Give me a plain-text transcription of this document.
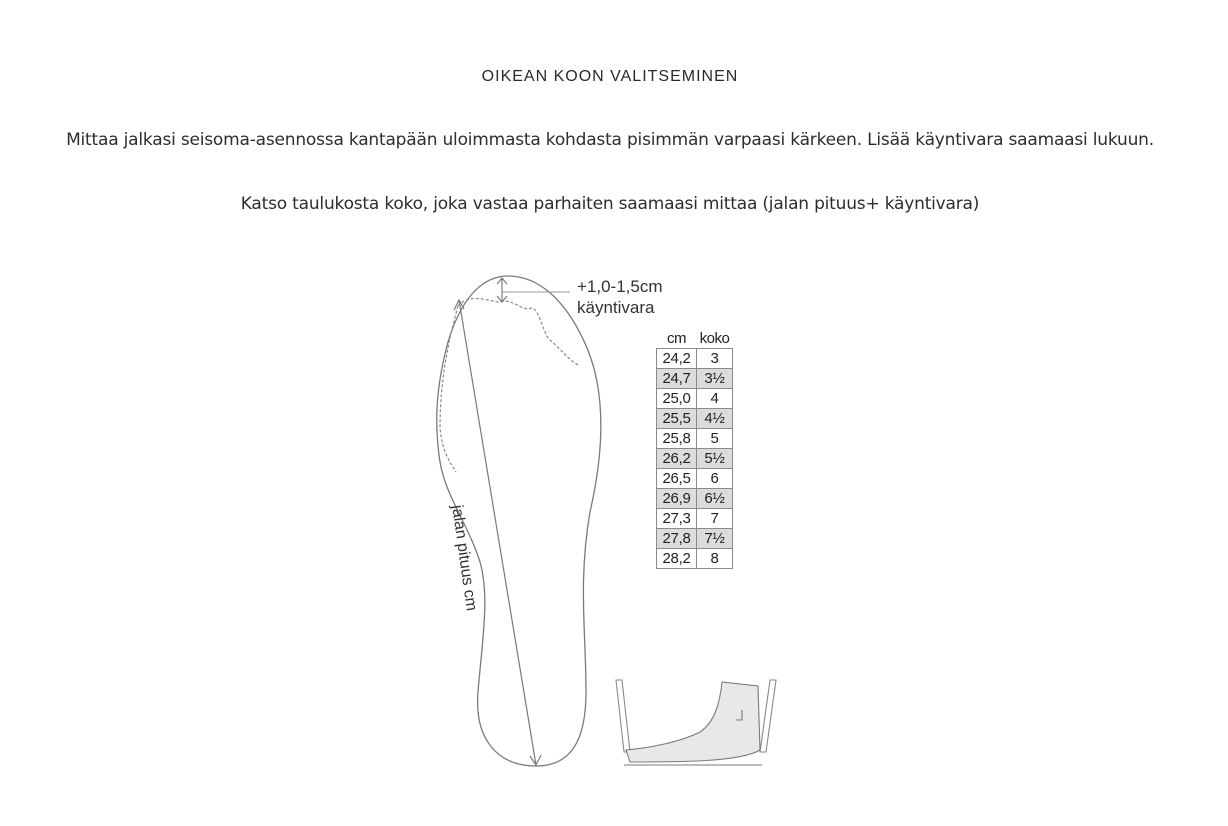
OIKEAN KOON VALITSEMINEN
Mittaa jalkasi seisoma-asennossa kantapään uloimmasta kohdasta pisimmän varpaasi kärkeen. Lisää käyntivara saamaasi lukuun.
Katso taulukosta koko, joka vastaa parhaiten saamaasi mittaa (jalan pituus+ käyntivara)
+1,0-1,5cm
käyntivara
jalan pituus cm
cm	koko
24,2	3
24,7	3½
25,0	4
25,5	4½
25,8	5
26,2	5½
26,5	6
26,9	6½
27,3	7
27,8	7½
28,2	8
